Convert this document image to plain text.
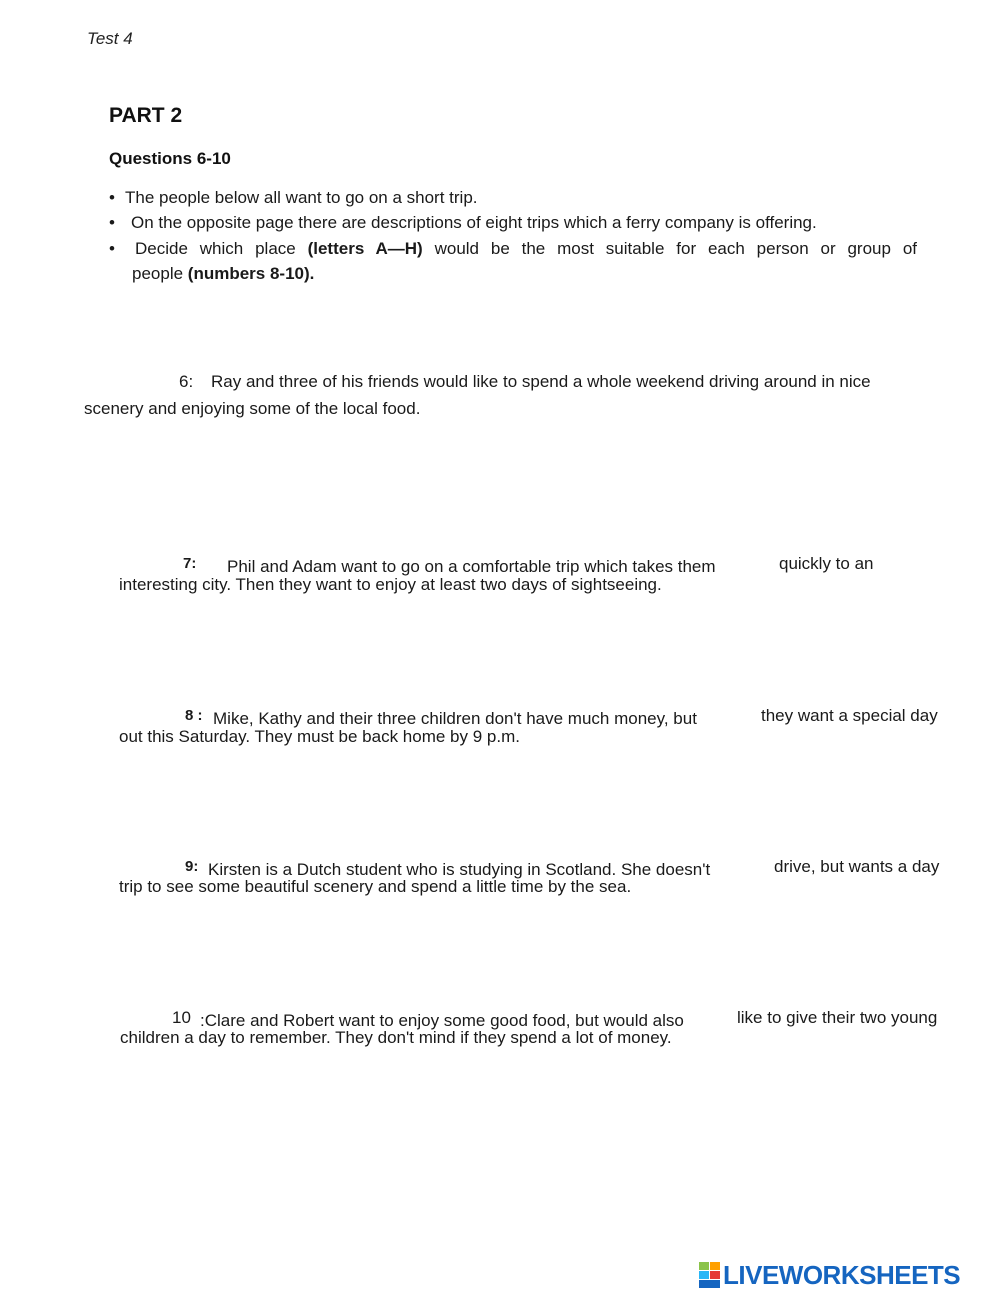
Test 4
PART 2
Questions 6-10
• The people below all want to go on a short trip.
• On the opposite page there are descriptions of eight trips which a ferry company is offering.
• Decide which place (letters A—H) would be the most suitable for each person or group of
people (numbers 8-10).
6: Ray and three of his friends would like to spend a whole weekend driving around in nice
scenery and enjoying some of the local food.
7: Phil and Adam want to go on a comfortable trip which takes them	quickly to an
interesting city. Then they want to enjoy at least two days of sightseeing.
8 : Mike, Kathy and their three children don't have much money, but	they want a special day
out this Saturday. They must be back home by 9 p.m.
9: Kirsten is a Dutch student who is studying in Scotland. She doesn't	drive, but wants a day
trip to see some beautiful scenery and spend a little time by the sea.
10 :Clare and Robert want to enjoy some good food, but would also	like to give their two young
children a day to remember. They don't mind if they spend a lot of money.
LIVEWORKSHEETS
